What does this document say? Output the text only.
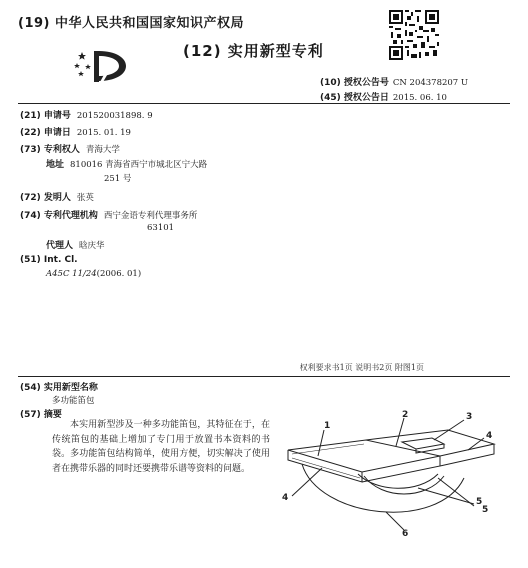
(19) 中华人民共和国国家知识产权局
(12) 实用新型专利
(10) 授权公告号 CN 204378207 U
(45) 授权公告日 2015. 06. 10
(21) 申请号 201520031898. 9
(22) 申请日 2015. 01. 19
(73) 专利权人 青海大学
地址 810016 青海省西宁市城北区宁大路
251 号
(72) 发明人 张英
(74) 专利代理机构 西宁金语专利代理事务所
63101
代理人 晗庆华
(51) Int. Cl.
A45C 11/24(2006. 01)
权利要求书1页 说明书2页 附图1页
(54) 实用新型名称
多功能笛包
(57) 摘要
本实用新型涉及一种多功能笛包，其特征在于，在传统笛包的基础上增加了专门用于放置书本资料的书袋。多功能笛包结构简单，使用方便，切实解决了使用者在携带乐器的同时还要携带乐谱等资料的问题。
1
2	3
4
4	5
5
6
